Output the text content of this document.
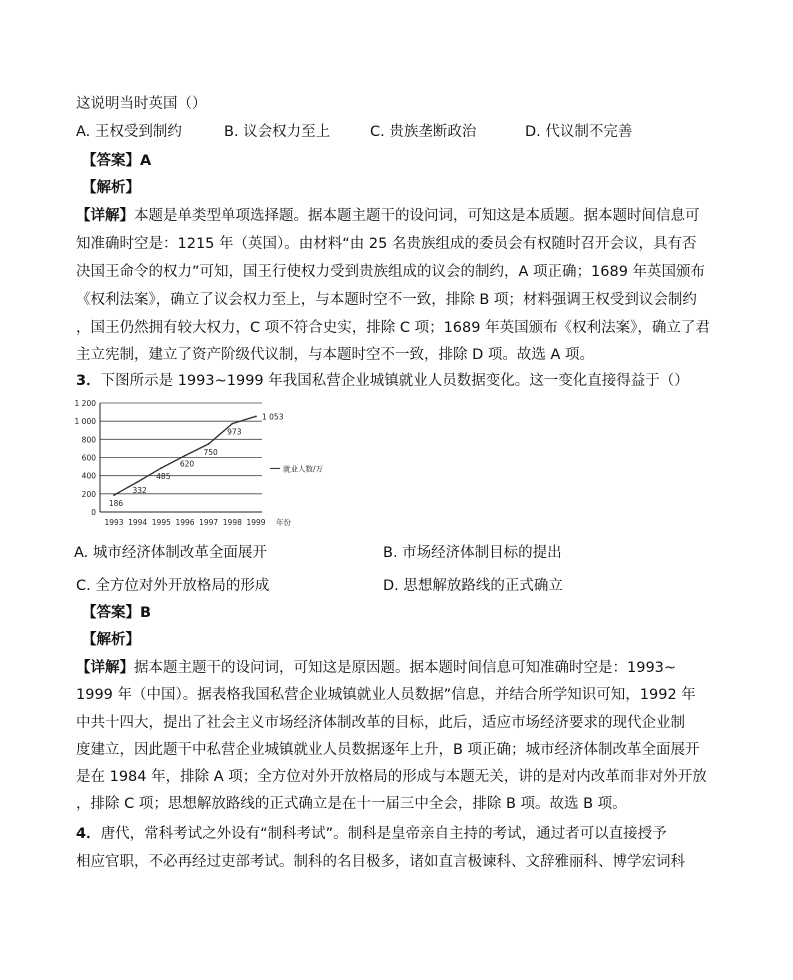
这说明当时英国（）
A. 王权受到制约	B. 议会权力至上	C. 贵族垄断政治	D. 代议制不完善
【答案】A
【解析】
【详解】本题是单类型单项选择题。据本题主题干的设问词，可知这是本质题。据本题时间信息可
知准确时空是：1215 年（英国）。由材料“由 25 名贵族组成的委员会有权随时召开会议，具有否
决国王命令的权力”可知，国王行使权力受到贵族组成的议会的制约，A 项正确；1689 年英国颁布
《权利法案》，确立了议会权力至上，与本题时空不一致，排除 B 项；材料强调王权受到议会制约
，国王仍然拥有较大权力，C 项不符合史实，排除 C 项；1689 年英国颁布《权利法案》，确立了君
主立宪制，建立了资产阶级代议制，与本题时空不一致，排除 D 项。故选 A 项。
3．下图所示是 1993~1999 年我国私营企业城镇就业人员数据变化。这一变化直接得益于（）
0
200
400
600
800
1 000
1 200
1993 1994 1995 1996 1997 1998 1999 年份
186
332
485
620
750
973
1 053
就业人数/万
A. 城市经济体制改革全面展开	B. 市场经济体制目标的提出
C. 全方位对外开放格局的形成	D. 思想解放路线的正式确立
【答案】B
【解析】
【详解】据本题主题干的设问词，可知这是原因题。据本题时间信息可知准确时空是：1993~
1999 年（中国）。据表格我国私营企业城镇就业人员数据”信息，并结合所学知识可知，1992 年
中共十四大，提出了社会主义市场经济体制改革的目标，此后，适应市场经济要求的现代企业制
度建立，因此题干中私营企业城镇就业人员数据逐年上升，B 项正确；城市经济体制改革全面展开
是在 1984 年，排除 A 项；全方位对外开放格局的形成与本题无关，讲的是对内改革而非对外开放
，排除 C 项；思想解放路线的正式确立是在十一届三中全会，排除 B 项。故选 B 项。
4．唐代，常科考试之外设有“制科考试”。制科是皇帝亲自主持的考试，通过者可以直接授予
相应官职，不必再经过吏部考试。制科的名目极多，诸如直言极谏科、文辞雅丽科、博学宏词科
